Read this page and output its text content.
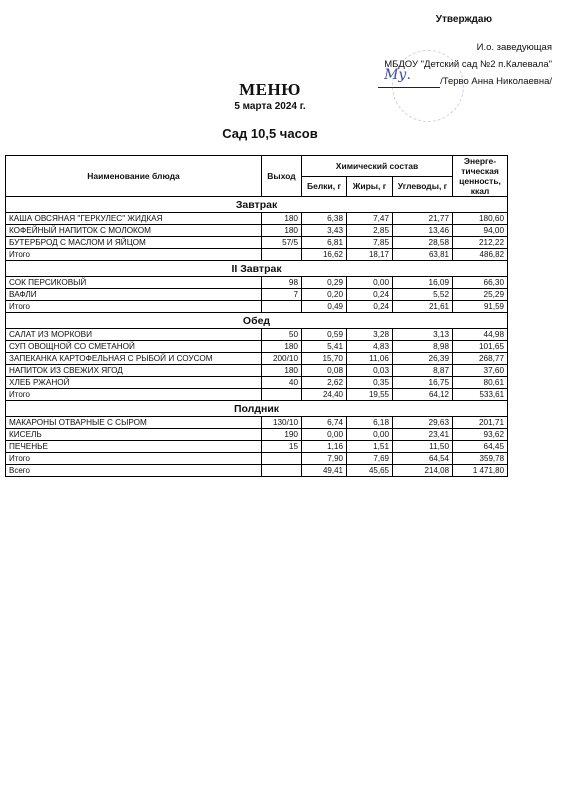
Утверждаю
И.о. заведующая
МБДОУ "Детский сад №2 п.Калевала"
Му.	/Терво Анна Николаевна/
МЕНЮ
5 марта 2024 г.
Сад 10,5 часов
Наименование блюда	Выход	Химический состав			Энерге-тическая ценность, ккал
		Белки, г	Жиры, г	Углеводы, г	
Завтрак					
КАША ОВСЯНАЯ "ГЕРКУЛЕС" ЖИДКАЯ	180	6,38	7,47	21,77	180,60
КОФЕЙНЫЙ НАПИТОК С МОЛОКОМ	180	3,43	2,85	13,46	94,00
БУТЕРБРОД С МАСЛОМ И ЯЙЦОМ	57/5	6,81	7,85	28,58	212,22
Итого		16,62	18,17	63,81	486,82
II Завтрак					
СОК ПЕРСИКОВЫЙ	98	0,29	0,00	16,09	66,30
ВАФЛИ	7	0,20	0,24	5,52	25,29
Итого		0,49	0,24	21,61	91,59
Обед					
САЛАТ ИЗ МОРКОВИ	50	0,59	3,28	3,13	44,98
СУП ОВОЩНОЙ СО СМЕТАНОЙ	180	5,41	4,83	8,98	101,65
ЗАПЕКАНКА КАРТОФЕЛЬНАЯ С РЫБОЙ И СОУСОМ	200/10	15,70	11,06	26,39	268,77
НАПИТОК ИЗ СВЕЖИХ ЯГОД	180	0,08	0,03	8,87	37,60
ХЛЕБ РЖАНОЙ	40	2,62	0,35	16,75	80,61
Итого		24,40	19,55	64,12	533,61
Полдник					
МАКАРОНЫ ОТВАРНЫЕ С СЫРОМ	130/10	6,74	6,18	29,63	201,71
КИСЕЛЬ	190	0,00	0,00	23,41	93,62
ПЕЧЕНЬЕ	15	1,16	1,51	11,50	64,45
Итого		7,90	7,69	64,54	359,78
Всего		49,41	45,65	214,08	1 471,80
